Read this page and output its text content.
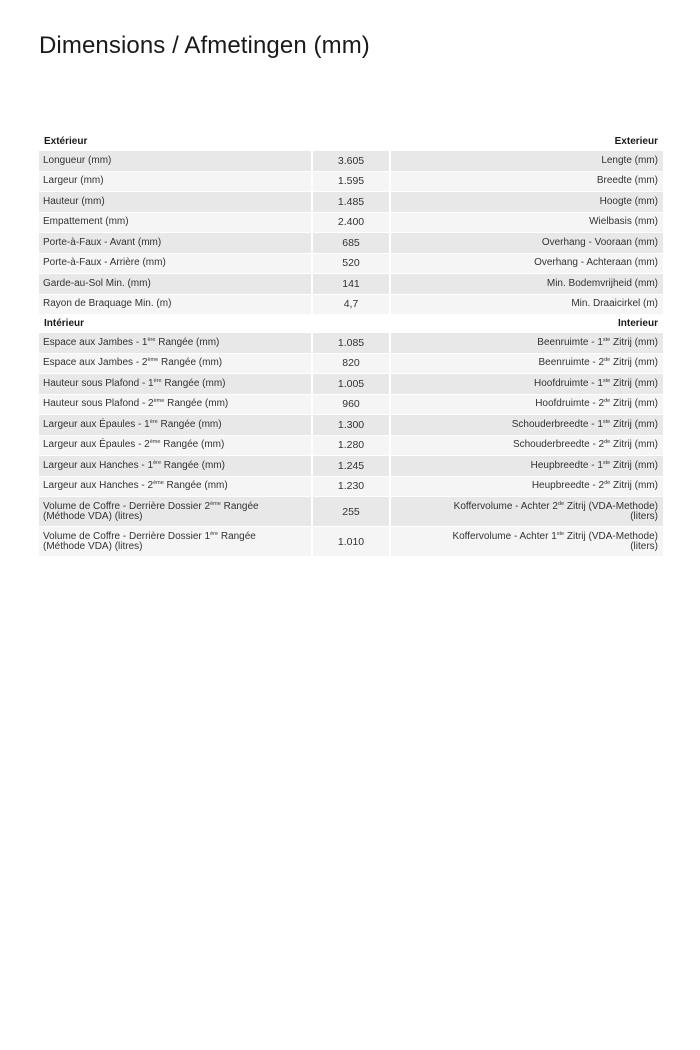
Dimensions / Afmetingen (mm)
Extérieur	Exterieur
Longueur (mm)	3.605	Lengte (mm)
Largeur (mm)	1.595	Breedte (mm)
Hauteur (mm)	1.485	Hoogte (mm)
Empattement (mm)	2.400	Wielbasis (mm)
Porte-à-Faux - Avant (mm)	685	Overhang - Vooraan (mm)
Porte-à-Faux - Arrière (mm)	520	Overhang - Achteraan (mm)
Garde-au-Sol Min. (mm)	141	Min. Bodemvrijheid (mm)
Rayon de Braquage Min. (m)	4,7	Min. Draaicirkel (m)
Intérieur	Interieur
Espace aux Jambes - 1ère Rangée (mm)	1.085	Beenruimte - 1ste Zitrij (mm)
Espace aux Jambes - 2ème Rangée (mm)	820	Beenruimte - 2de Zitrij (mm)
Hauteur sous Plafond - 1ère Rangée (mm)	1.005	Hoofdruimte - 1ste Zitrij (mm)
Hauteur sous Plafond - 2ème Rangée (mm)	960	Hoofdruimte - 2de Zitrij (mm)
Largeur aux Épaules - 1ère Rangée (mm)	1.300	Schouderbreedte - 1ste Zitrij (mm)
Largeur aux Épaules - 2ème Rangée (mm)	1.280	Schouderbreedte - 2de Zitrij (mm)
Largeur aux Hanches - 1ère Rangée (mm)	1.245	Heupbreedte - 1ste Zitrij (mm)
Largeur aux Hanches - 2ème Rangée (mm)	1.230	Heupbreedte - 2de Zitrij (mm)
Volume de Coffre - Derrière Dossier 2ème Rangée
(Méthode VDA) (litres)	255	Koffervolume - Achter 2de Zitrij (VDA-Methode)
(liters)
Volume de Coffre - Derrière Dossier 1ère Rangée
(Méthode VDA) (litres)	1.010	Koffervolume - Achter 1ste Zitrij (VDA-Methode)
(liters)
